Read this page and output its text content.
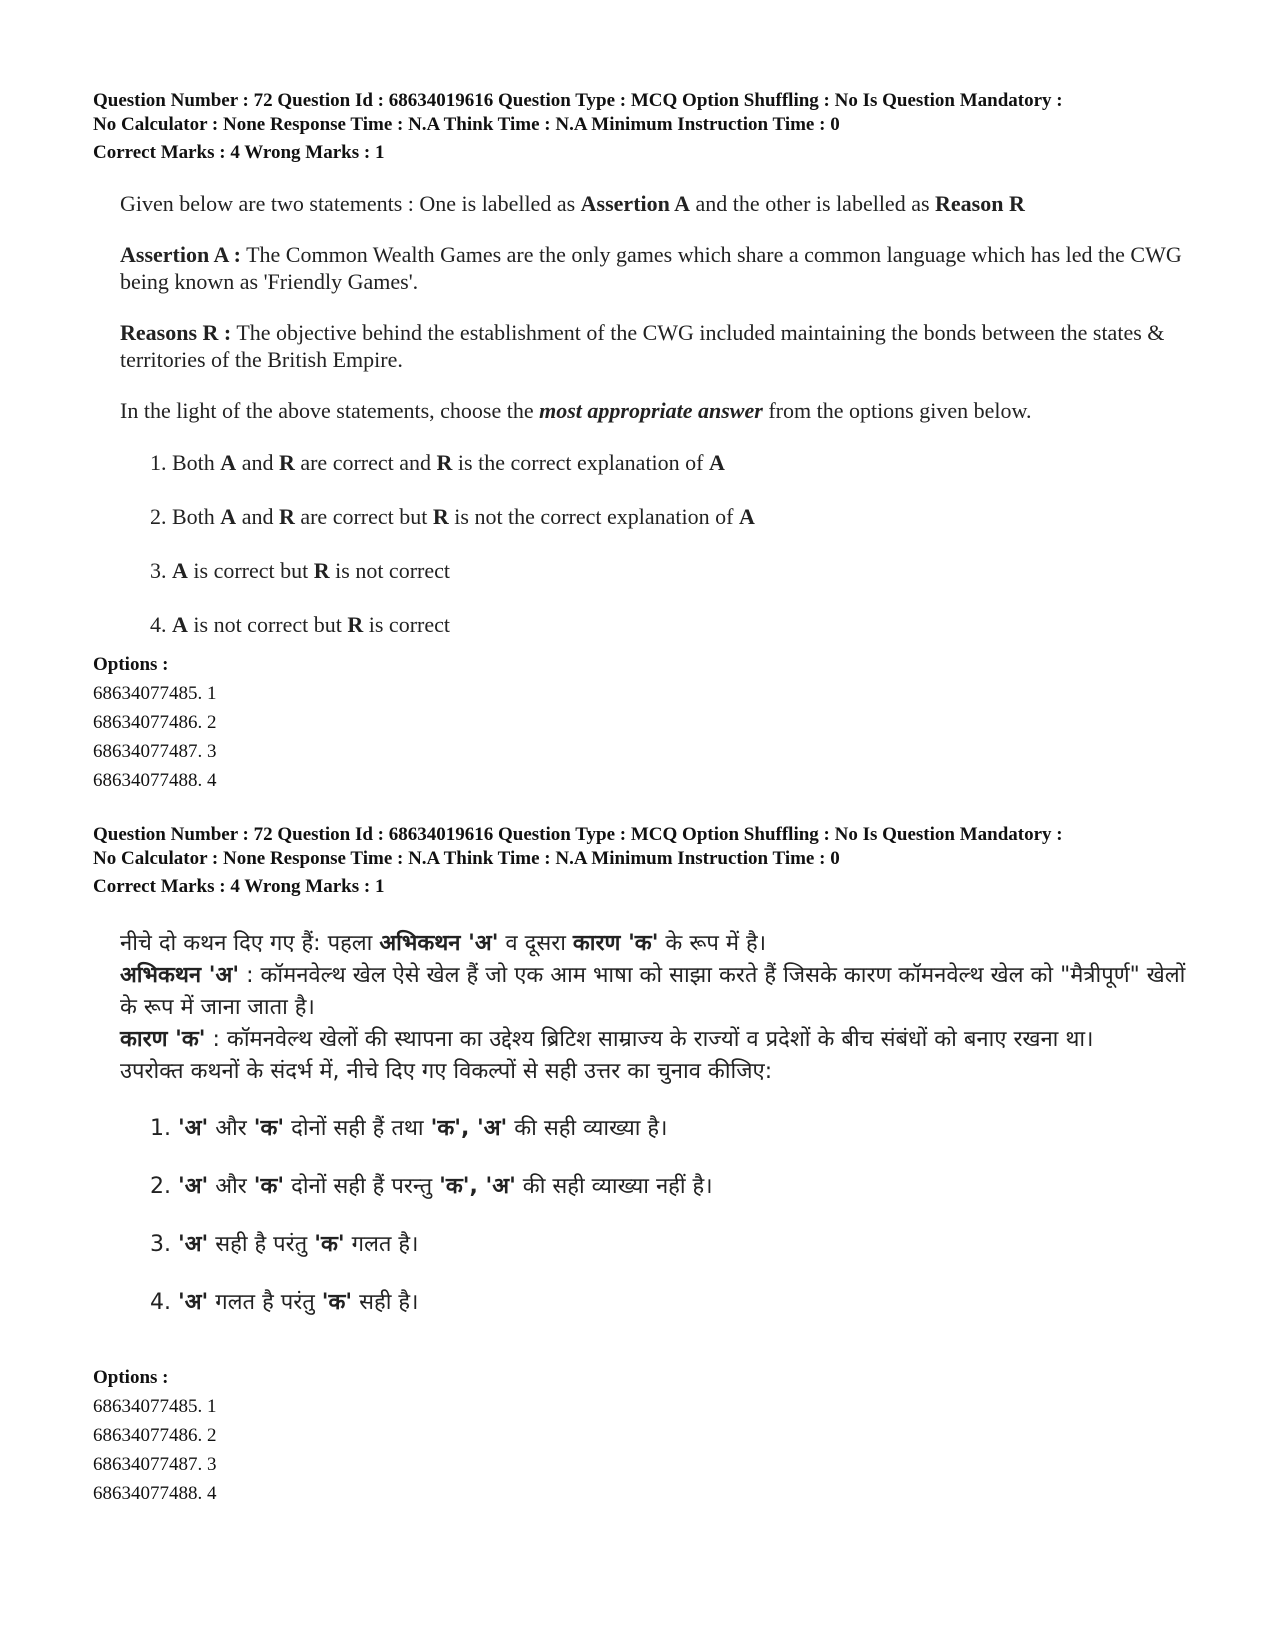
Question Number : 72 Question Id : 68634019616 Question Type : MCQ Option Shuffling : No Is Question Mandatory :
No Calculator : None Response Time : N.A Think Time : N.A Minimum Instruction Time : 0
Correct Marks : 4 Wrong Marks : 1

Given below are two statements : One is labelled as Assertion A and the other is labelled as Reason R

Assertion A : The Common Wealth Games are the only games which share a common language which has led the CWG being known as 'Friendly Games'.

Reasons R : The objective behind the establishment of the CWG included maintaining the bonds between the states & territories of the British Empire.

In the light of the above statements, choose the most appropriate answer from the options given below.

1. Both A and R are correct and R is the correct explanation of A
2. Both A and R are correct but R is not the correct explanation of A
3. A is correct but R is not correct
4. A is not correct but R is correct
Options :
68634077485. 1
68634077486. 2
68634077487. 3
68634077488. 4
Question Number : 72 Question Id : 68634019616 Question Type : MCQ Option Shuffling : No Is Question Mandatory :
No Calculator : None Response Time : N.A Think Time : N.A Minimum Instruction Time : 0
Correct Marks : 4 Wrong Marks : 1

नीचे दो कथन दिए गए हैं: पहला अभिकथन 'अ' व दूसरा कारण 'क' के रूप में है।

अभिकथन 'अ' : कॉमनवेल्थ खेल ऐसे खेल हैं जो एक आम भाषा को साझा करते हैं जिसके कारण कॉमनवेल्थ खेल को "मैत्रीपूर्ण" खेलों के रूप में जाना जाता है।

कारण 'क' : कॉमनवेल्थ खेलों की स्थापना का उद्देश्य ब्रिटिश साम्राज्य के राज्यों व प्रदेशों के बीच संबंधों को बनाए रखना था।

उपरोक्त कथनों के संदर्भ में, नीचे दिए गए विकल्पों से सही उत्तर का चुनाव कीजिए:

1. 'अ' और 'क' दोनों सही हैं तथा 'क', 'अ' की सही व्याख्या है।
2. 'अ' और 'क' दोनों सही हैं परन्तु 'क', 'अ' की सही व्याख्या नहीं है।
3. 'अ' सही है परंतु 'क' गलत है।
4. 'अ' गलत है परंतु 'क' सही है।
Options :
68634077485. 1
68634077486. 2
68634077487. 3
68634077488. 4
